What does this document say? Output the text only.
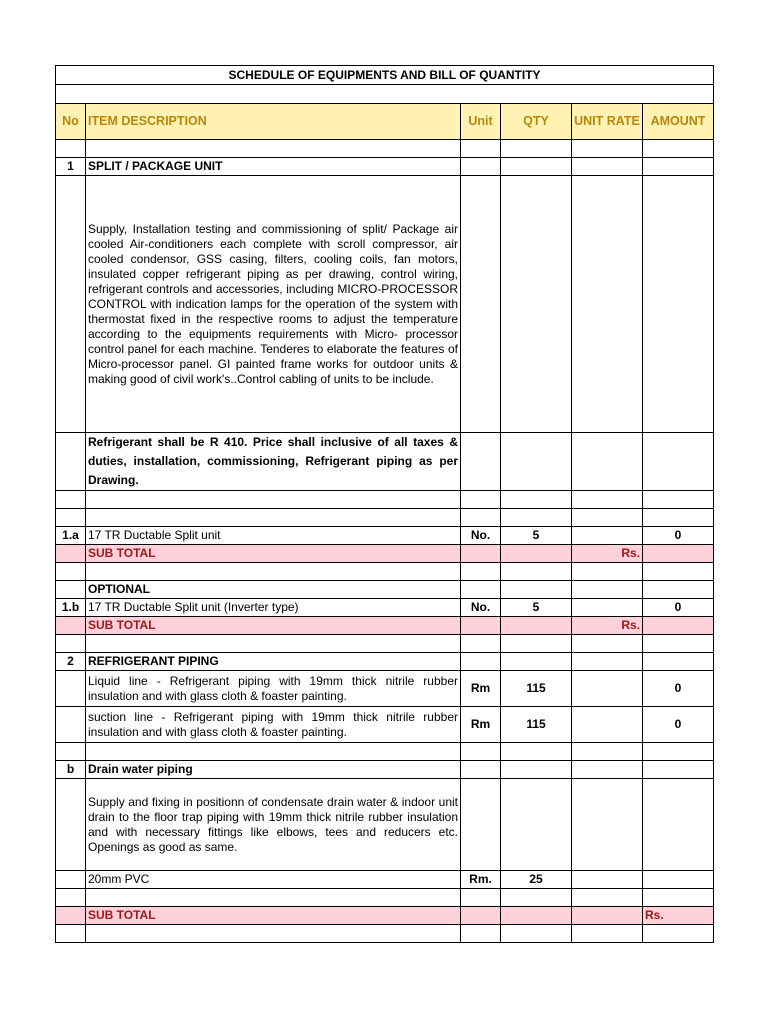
SCHEDULE OF EQUIPMENTS AND BILL OF QUANTITY					

No	ITEM DESCRIPTION	Unit	QTY	UNIT RATE	AMOUNT

1	SPLIT / PACKAGE UNIT				
	Supply, Installation testing and commissioning of split/ Package air cooled Air-conditioners each complete with scroll compressor, air cooled condensor, GSS casing, filters, cooling coils, fan motors, insulated copper refrigerant piping as per drawing, control wiring, refrigerant controls and accessories, including MICRO-PROCESSOR CONTROL with indication lamps for the operation of the system with thermostat fixed in the respective rooms to adjust the temperature according to the equipments requirements with Micro- processor control panel for each machine. Tenderes to elaborate the features of Micro-processor panel. GI painted frame works for outdoor units & making good of civil work's..Control cabling of units to be include.				
	Refrigerant shall be R 410. Price shall inclusive of all taxes & duties, installation, commissioning, Refrigerant piping as per Drawing.				

1.a	17 TR Ductable Split unit	No.	5		0
	SUB TOTAL			Rs.	

	OPTIONAL				
1.b	17 TR Ductable Split unit (Inverter type)	No.	5		0
	SUB TOTAL			Rs.	

2	REFRIGERANT PIPING				
	Liquid line - Refrigerant piping with 19mm thick nitrile rubber insulation and with glass cloth & foaster painting.	Rm	115		0
	suction line - Refrigerant piping with 19mm thick nitrile rubber insulation and with glass cloth & foaster painting.	Rm	115		0

b	Drain water piping				
	Supply and fixing in positionn of condensate drain water & indoor unit drain to the floor trap piping with 19mm thick nitrile rubber insulation and with necessary fittings like elbows, tees and reducers etc. Openings as good as same.				
	20mm PVC	Rm.	25		

	SUB TOTAL				Rs.
